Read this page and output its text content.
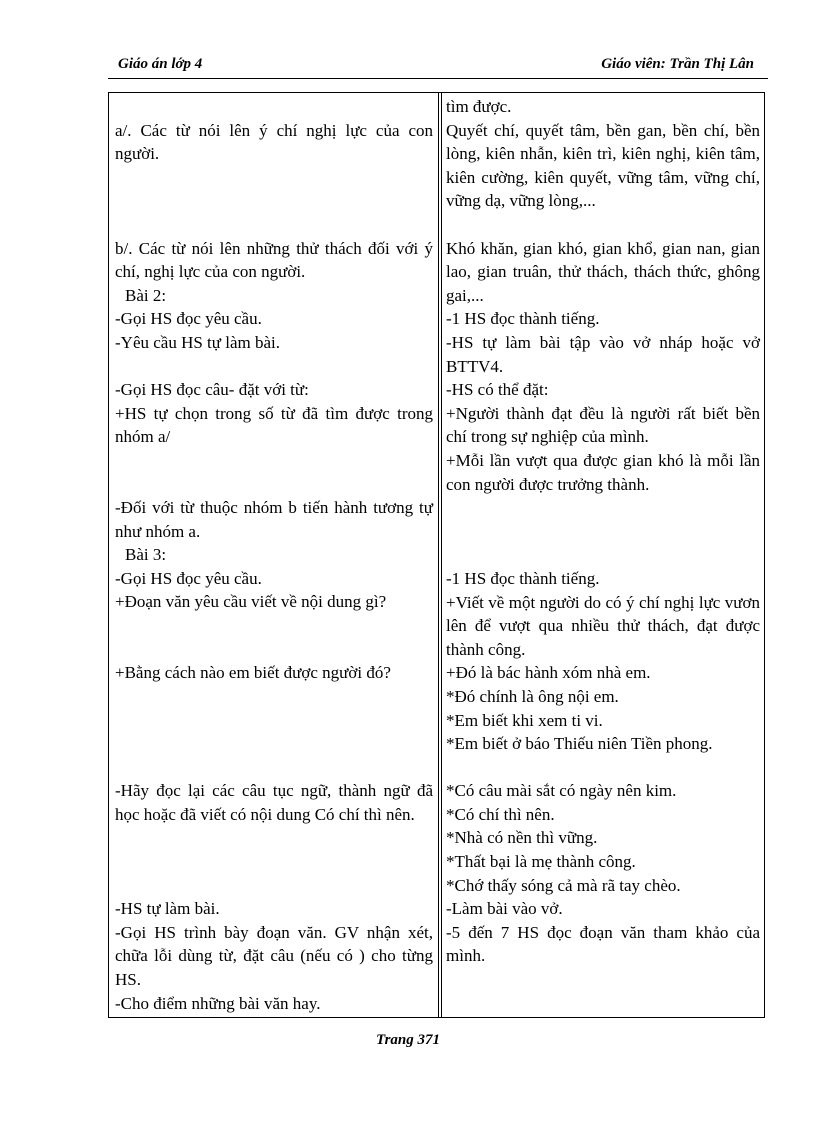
Giáo án lớp 4	Giáo viên: Trần Thị Lân
a/. Các từ nói lên ý chí nghị lực của con người.
b/. Các từ nói lên những thử thách đối với ý chí, nghị lực của con người.
Bài 2:
-Gọi HS đọc yêu cầu.
-Yêu cầu HS tự làm bài.
-Gọi HS đọc câu- đặt với từ:
+HS tự chọn trong số từ đã tìm được trong nhóm a/
-Đối với từ thuộc nhóm b tiến hành tương tự như nhóm a.
Bài 3:
-Gọi HS đọc yêu cầu.
+Đoạn văn yêu cầu viết về nội dung gì?
+Bằng cách nào em biết được người đó?
-Hãy đọc lại các câu tục ngữ, thành ngữ đã học hoặc đã viết có nội dung Có chí thì nên.
-HS tự làm bài.
-Gọi HS trình bày đoạn văn. GV nhận xét, chữa lỗi dùng từ, đặt câu (nếu có ) cho từng HS.
-Cho điểm những bài văn hay.
tìm được.
Quyết chí, quyết tâm, bền gan, bền chí, bền lòng, kiên nhẫn, kiên trì, kiên nghị, kiên tâm, kiên cường, kiên quyết, vững tâm, vững chí, vững dạ, vững lòng,...
Khó khăn, gian khó, gian khổ, gian nan, gian lao, gian truân, thử thách, thách thức, ghông gai,...
-1 HS đọc thành tiếng.
-HS tự làm bài tập vào vở nháp hoặc vở BTTV4.
-HS có thể đặt:
+Người thành đạt đều là người rất biết bền chí trong sự nghiệp của mình.
+Mỗi lần vượt qua được gian khó là mỗi lần con người được trưởng thành.
-1 HS đọc thành tiếng.
+Viết về một người do có ý chí nghị lực vươn lên để vượt qua nhiều thử thách, đạt được thành công.
+Đó là bác hành xóm nhà em.
*Đó chính là ông nội em.
*Em biết khi xem ti vi.
*Em biết ở báo Thiếu niên Tiền phong.
*Có câu mài sắt có ngày nên kim.
*Có chí thì nên.
*Nhà có nền thì vững.
*Thất bại là mẹ thành công.
*Chớ thấy sóng cả mà rã tay chèo.
-Làm bài vào vở.
-5 đến 7 HS đọc đoạn văn tham khảo của mình.
Trang 371
